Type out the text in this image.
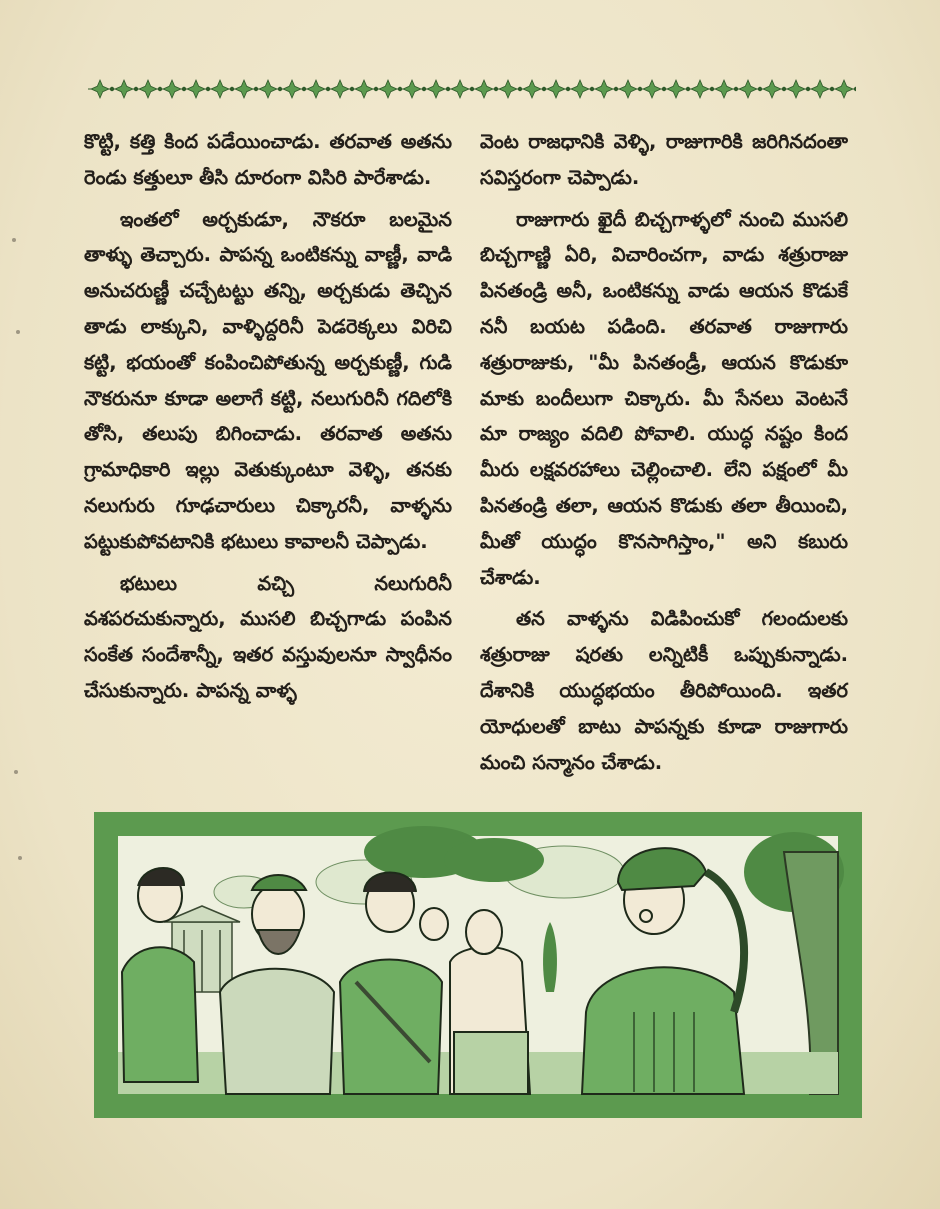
కొట్టి, కత్తి కింద పడేయించాడు. తరవాత అతను రెండు కత్తులూ తీసి దూరంగా విసిరి పారేశాడు.

ఇంతలో అర్చకుడూ, నౌకరూ బలమైన తాళ్ళు తెచ్చారు. పాపన్న ఒంటికన్ను వాణ్ణీ, వాడి అనుచరుణ్ణీ చచ్చేటట్టు తన్ని, అర్చకుడు తెచ్చిన తాడు లాక్కుని, వాళ్ళిద్దరినీ పెడరెక్కలు విరిచి కట్టి, భయంతో కంపించిపోతున్న అర్చకుణ్ణీ, గుడి నౌకరునూ కూడా అలాగే కట్టి, నలుగురినీ గదిలోకి తోసి, తలుపు బిగించాడు. తరవాత అతను గ్రామాధికారి ఇల్లు వెతుక్కుంటూ వెళ్ళి, తనకు నలుగురు గూఢచారులు చిక్కారనీ, వాళ్ళను పట్టుకుపోవటానికి భటులు కావాలనీ చెప్పాడు.

భటులు వచ్చి నలుగురినీ వశపరచుకున్నారు, ముసలి బిచ్చగాడు పంపిన సంకేత సందేశాన్నీ, ఇతర వస్తువులనూ స్వాధీనం చేసుకున్నారు. పాపన్న వాళ్ళ

వెంట రాజధానికి వెళ్ళి, రాజుగారికి జరిగినదంతా సవిస్తరంగా చెప్పాడు.

రాజుగారు ఖైదీ బిచ్చగాళ్ళలో నుంచి ముసలి బిచ్చగాణ్ణి ఏరి, విచారించగా, వాడు శత్రురాజు పినతండ్రి అనీ, ఒంటికన్ను వాడు ఆయన కొడుకే ననీ బయట పడింది. తరవాత రాజుగారు శత్రురాజుకు, "మీ పినతండ్రీ, ఆయన కొడుకూ మాకు బందీలుగా చిక్కారు. మీ సేనలు వెంటనే మా రాజ్యం వదిలి పోవాలి. యుద్ధ నష్టం కింద మీరు లక్షవరహాలు చెల్లించాలి. లేని పక్షంలో మీ పినతండ్రి తలా, ఆయన కొడుకు తలా తీయించి, మీతో యుద్ధం కొనసాగిస్తాం," అని కబురు చేశాడు.

తన వాళ్ళను విడిపించుకో గలందులకు శత్రురాజు షరతు లన్నిటికీ ఒప్పుకున్నాడు. దేశానికి యుద్ధభయం తీరిపోయింది. ఇతర యోధులతో బాటు పాపన్నకు కూడా రాజుగారు మంచి సన్మానం చేశాడు.
